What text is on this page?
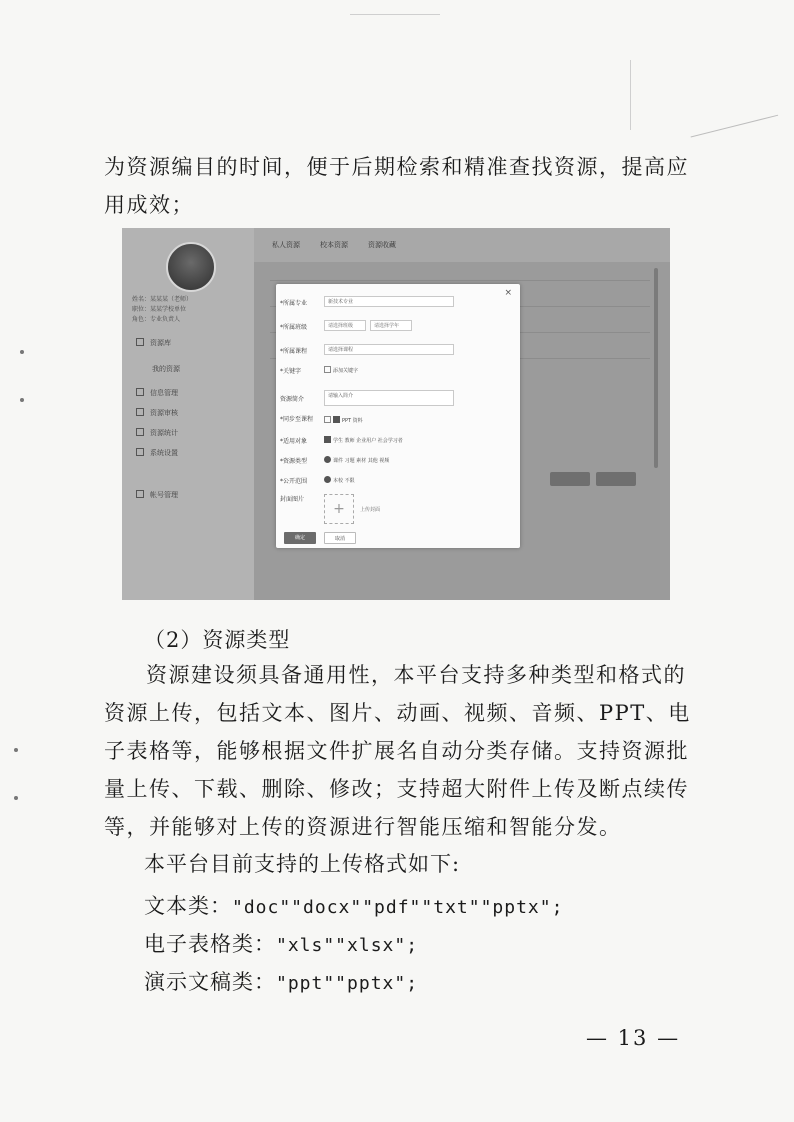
为资源编目的时间，便于后期检索和精准查找资源，提高应用成效；

姓名：某某某（老师）
职位：某某学校单位
角色：专业负责人
资源库
我的资源
信息管理
资源审核
资源统计
系统设置
帐号管理
私人资源	校本资源	资源收藏
×
*所属专业	新技术专业
*所属班级	请选择班级	请选择学年
*所属课程	请选择课程
*关键字	添加关键字
资源简介	请输入简介
*同步至课程	PPT 资料
*适用对象	学生 教师 企业用户 社会学习者
*资源类型	课件 习题 素材 其他 视频
*公开范围	本校 不限
封面图片
+	上传封面
确定	取消

（2）资源类型

资源建设须具备通用性，本平台支持多种类型和格式的资源上传，包括文本、图片、动画、视频、音频、PPT、电子表格等，能够根据文件扩展名自动分类存储。支持资源批量上传、下载、删除、修改；支持超大附件上传及断点续传等，并能够对上传的资源进行智能压缩和智能分发。

本平台目前支持的上传格式如下:

文本类："doc""docx""pdf""txt""pptx";

电子表格类："xls""xlsx";

演示文稿类："ppt""pptx";

— 13 —
